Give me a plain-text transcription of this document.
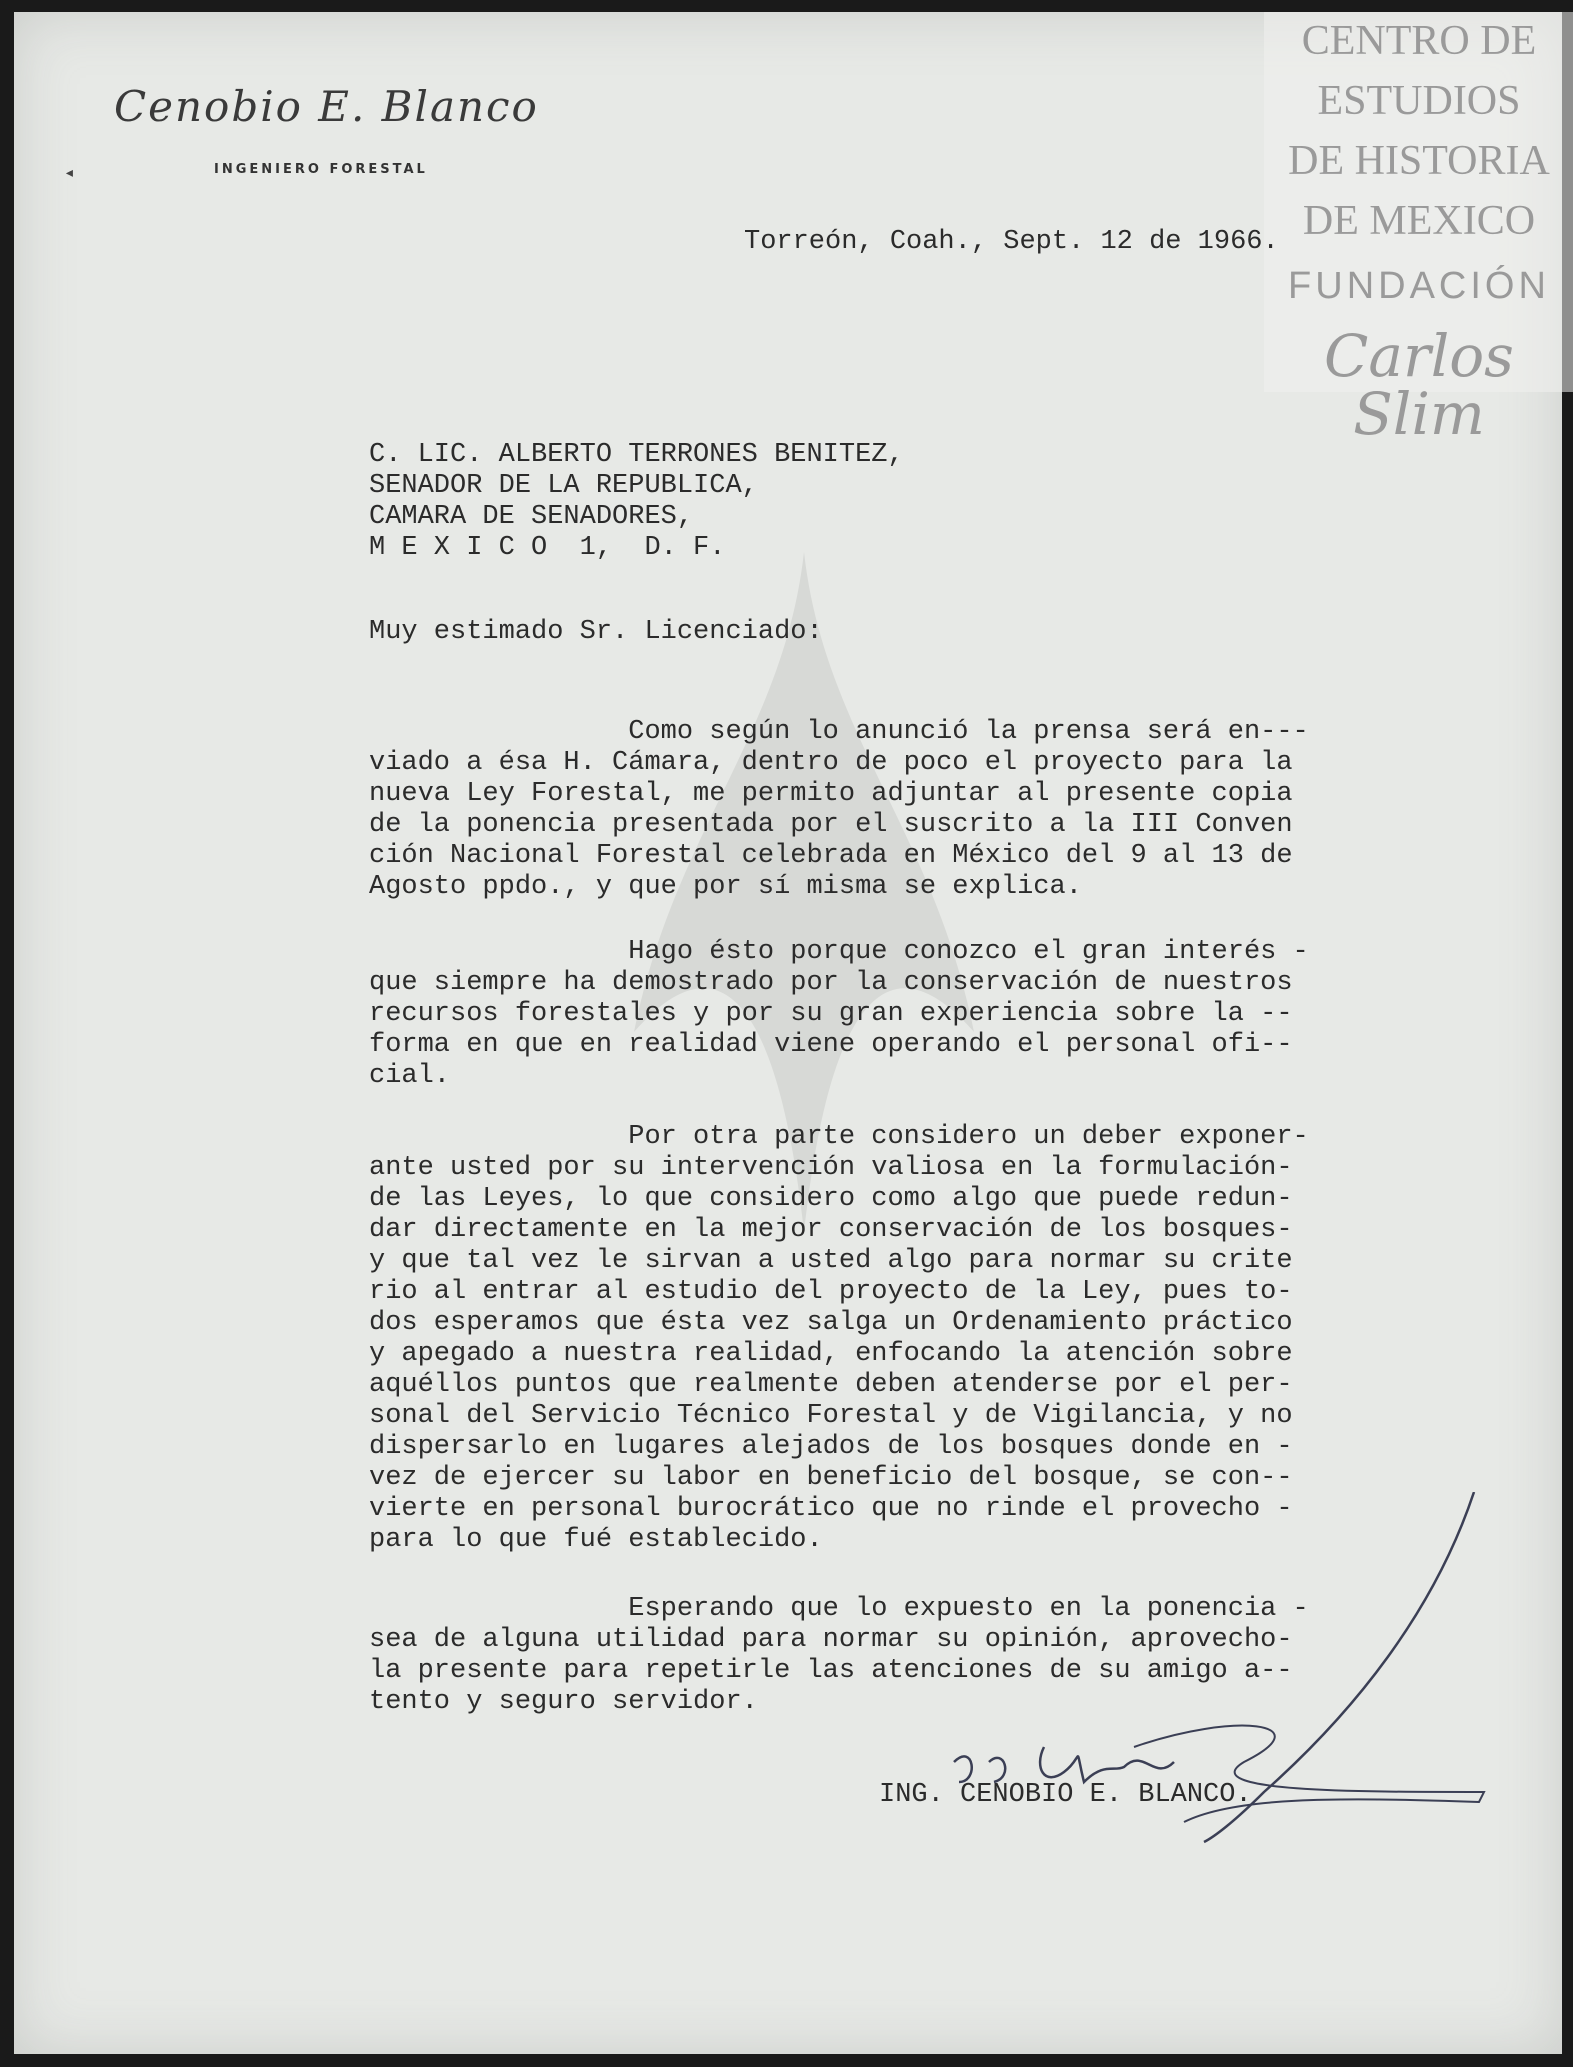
◂
Cenobio E. Blanco
INGENIERO FORESTAL
CENTRO DE
ESTUDIOS
DE HISTORIA
DE MEXICO
FUNDACIÓN
Carlos Slim
Torreón, Coah., Sept. 12 de 1966.
C. LIC. ALBERTO TERRONES BENITEZ,
SENADOR DE LA REPUBLICA,
CAMARA DE SENADORES,
M E X I C O  1,  D. F.
Muy estimado Sr. Licenciado:
Como según lo anunció la prensa será en---
viado a ésa H. Cámara, dentro de poco el proyecto para la
nueva Ley Forestal, me permito adjuntar al presente copia
de la ponencia presentada por el suscrito a la III Conven
ción Nacional Forestal celebrada en México del 9 al 13 de
Agosto ppdo., y que por sí misma se explica.
Hago ésto porque conozco el gran interés -
que siempre ha demostrado por la conservación de nuestros
recursos forestales y por su gran experiencia sobre la --
forma en que en realidad viene operando el personal ofi--
cial.
Por otra parte considero un deber exponer-
ante usted por su intervención valiosa en la formulación-
de las Leyes, lo que considero como algo que puede redun-
dar directamente en la mejor conservación de los bosques-
y que tal vez le sirvan a usted algo para normar su crite
rio al entrar al estudio del proyecto de la Ley, pues to-
dos esperamos que ésta vez salga un Ordenamiento práctico
y apegado a nuestra realidad, enfocando la atención sobre
aquéllos puntos que realmente deben atenderse por el per-
sonal del Servicio Técnico Forestal y de Vigilancia, y no
dispersarlo en lugares alejados de los bosques donde en -
vez de ejercer su labor en beneficio del bosque, se con--
vierte en personal burocrático que no rinde el provecho -
para lo que fué establecido.
Esperando que lo expuesto en la ponencia -
sea de alguna utilidad para normar su opinión, aprovecho-
la presente para repetirle las atenciones de su amigo a--
tento y seguro servidor.
ING. CENOBIO E. BLANCO.
